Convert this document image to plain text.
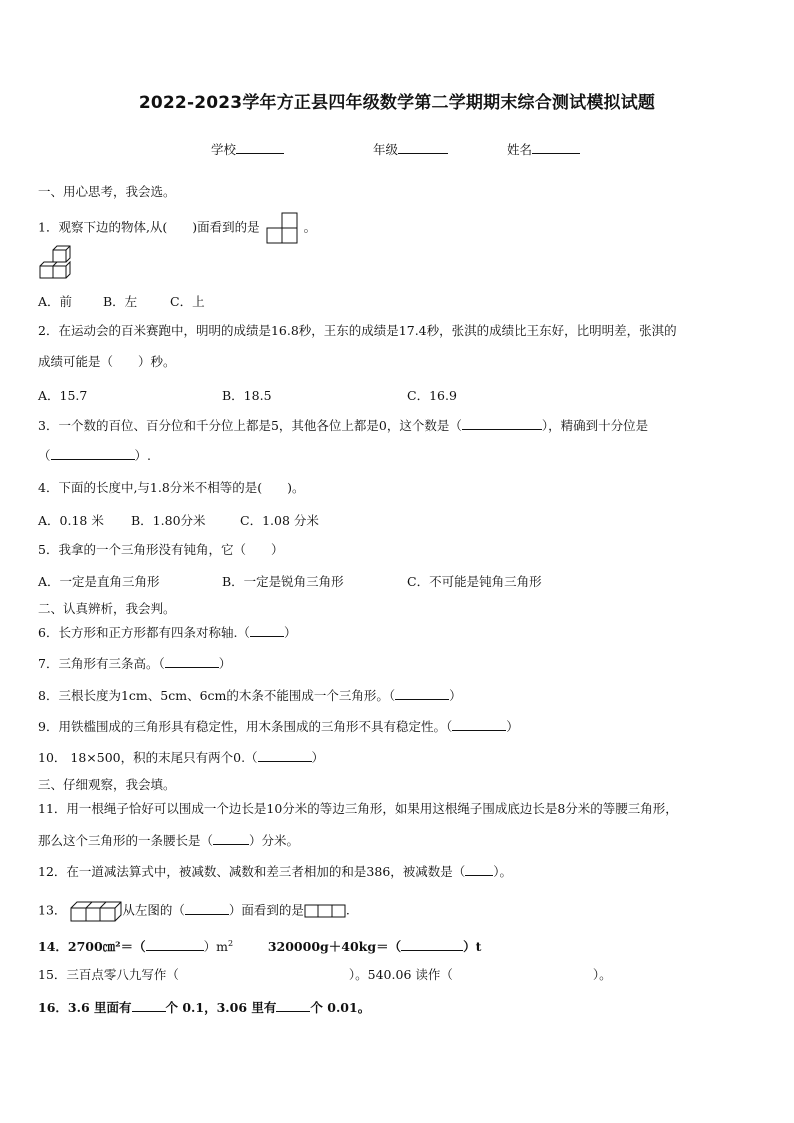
2022-2023学年方正县四年级数学第二学期期末综合测试模拟试题
学校	年级	姓名
一、用心思考，我会选。
1．观察下边的物体,从(　　)面看到的是	。
A．前 B．左	C．上
2．在运动会的百米赛跑中，明明的成绩是16.8秒，王东的成绩是17.4秒，张淇的成绩比王东好，比明明差，张淇的
成绩可能是（　　）秒。
A．15.7	B．18.5	C．16.9
3．一个数的百位、百分位和千分位上都是5，其他各位上都是0，这个数是（	），精确到十分位是
（	）.
4．下面的长度中,与1.8分米不相等的是(　　)。
A．0.18 米 B．1.80分米	C．1.08 分米
5．我拿的一个三角形没有钝角，它（　　）
A．一定是直角三角形	B．一定是锐角三角形	C．不可能是钝角三角形
二、认真辨析，我会判。
6．长方形和正方形都有四条对称轴.（	）
7．三角形有三条高。（	）
8．三根长度为1cm、5cm、6cm的木条不能围成一个三角形。（	）
9．用铁槛围成的三角形具有稳定性，用木条围成的三角形不具有稳定性。（	）
10． 18×500，积的末尾只有两个0.（	）
三、仔细观察，我会填。
11．用一根绳子恰好可以围成一个边长是10分米的等边三角形，如果用这根绳子围成底边长是8分米的等腰三角形，
那么这个三角形的一条腰长是（	）分米。
12．在一道减法算式中，被减数、减数和差三者相加的和是386，被减数是（ ）。
13．	从左图的（	）面看到的是	.
14．2700㎝²＝（	）$m^2$	320000g＋40kg＝（	）t
15．三百点零八九写作（	）。540.06 读作（	）。
16．3.6 里面有	个 0.1，3.06 里有	个 0.01。
